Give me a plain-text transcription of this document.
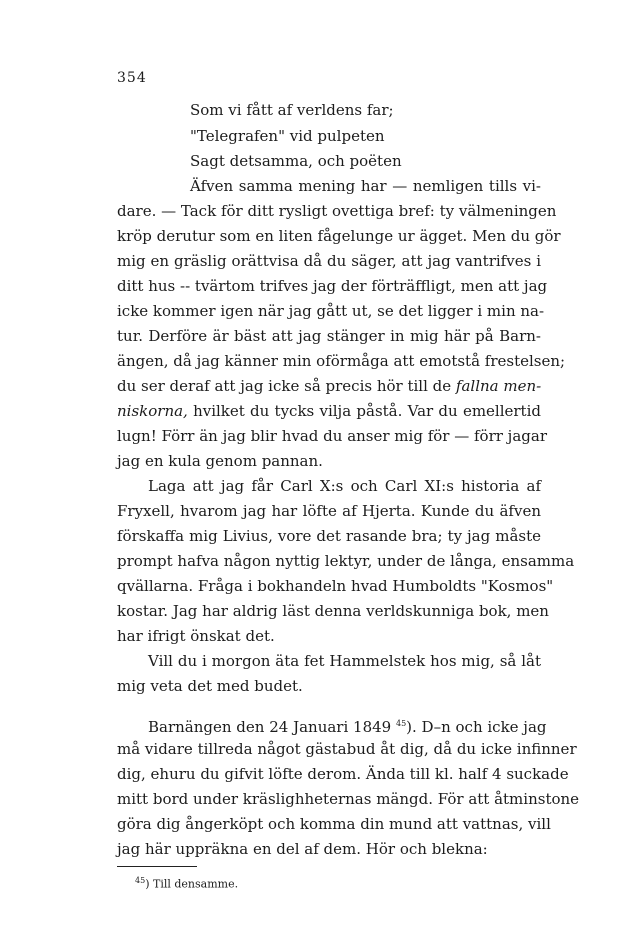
354
Som vi fått af verldens far;
"Telegrafen" vid pulpeten
Sagt detsamma, och poëten
Äfven samma mening har — nemligen tills vi-
dare. — Tack för ditt rysligt ovettiga bref: ty välmeningen
kröp derutur som en liten fågelunge ur ägget. Men du gör
mig en gräslig orättvisa då du säger, att jag vantrifves i
ditt hus -- tvärtom trifves jag der förträffligt, men att jag
icke kommer igen när jag gått ut, se det ligger i min na-
tur. Derföre är bäst att jag stänger in mig här på Barn-
ängen, då jag känner min oförmåga att emotstå frestelsen;
du ser deraf att jag icke så precis hör till de fallna men-
niskorna, hvilket du tycks vilja påstå. Var du emellertid
lugn! Förr än jag blir hvad du anser mig för — förr jagar
jag en kula genom pannan.
Laga att jag får Carl X:s och Carl XI:s historia af
Fryxell, hvarom jag har löfte af Hjerta. Kunde du äfven
förskaffa mig Livius, vore det rasande bra; ty jag måste
prompt hafva någon nyttig lektyr, under de långa, ensamma
qvällarna. Fråga i bokhandeln hvad Humboldts "Kosmos"
kostar. Jag har aldrig läst denna verldskunniga bok, men
har ifrigt önskat det.
Vill du i morgon äta fet Hammelstek hos mig, så låt
mig veta det med budet.
Barnängen den 24 Januari 1849 $^{45}$). D–n och icke jag
må vidare tillreda något gästabud åt dig, då du icke infinner
dig, ehuru du gifvit löfte derom. Ända till kl. half 4 suckade
mitt bord under kräslighheternas mängd. För att åtminstone
göra dig ångerköpt och komma din mund att vattnas, vill
jag här uppräkna en del af dem. Hör och blekna:
$^{45}$) Till densamme.
